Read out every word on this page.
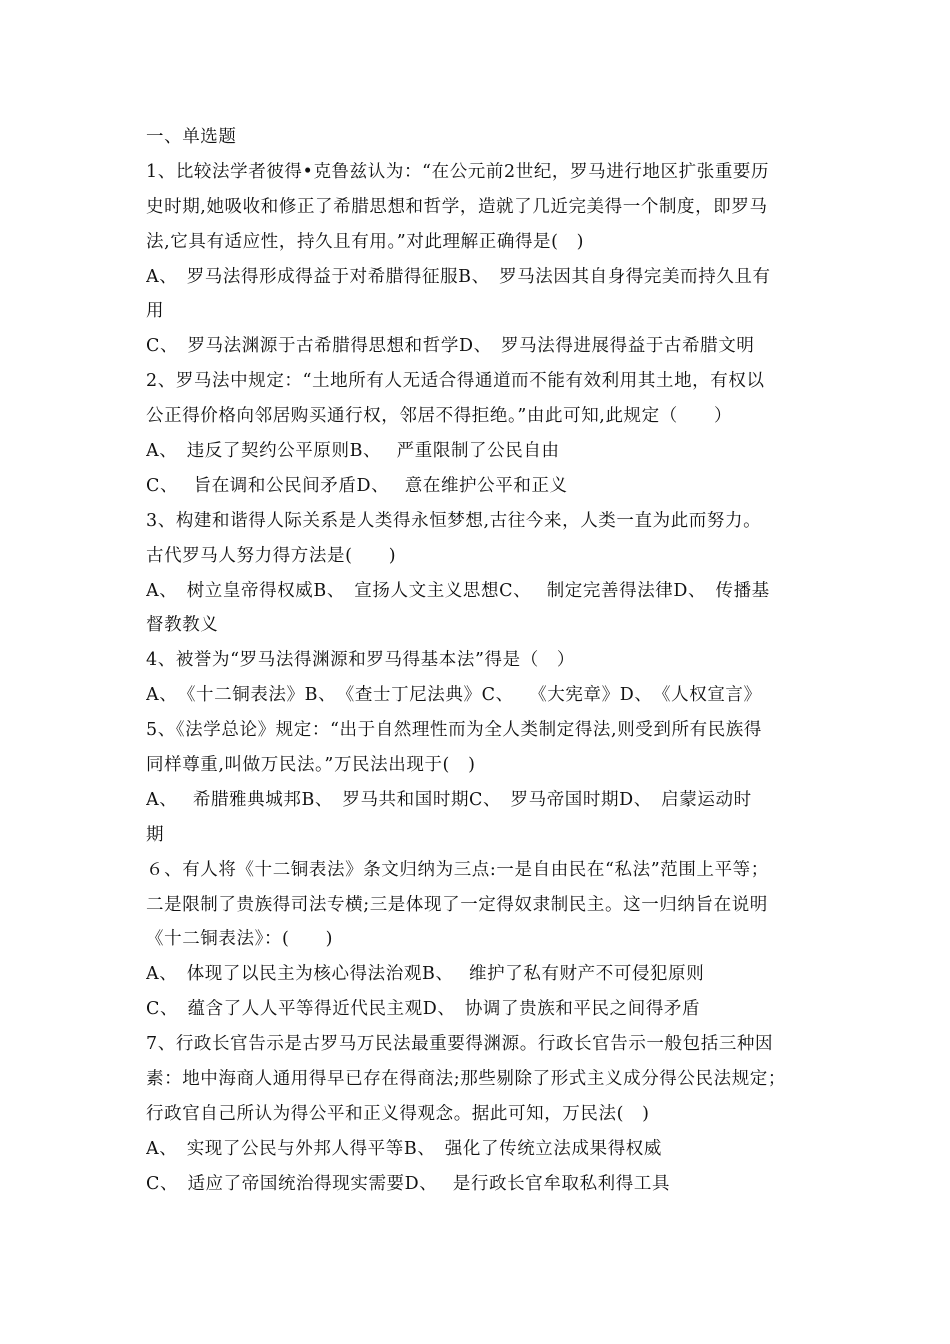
一、单选题
1、比较法学者彼得•克鲁兹认为：“在公元前2世纪，罗马进行地区扩张重要历
史时期,她吸收和修正了希腊思想和哲学，造就了几近完美得一个制度，即罗马
法,它具有适应性，持久且有用。”对此理解正确得是(　)
A、　罗马法得形成得益于对希腊得征服B、　罗马法因其自身得完美而持久且有
用
C、　罗马法渊源于古希腊得思想和哲学D、　罗马法得进展得益于古希腊文明
2、罗马法中规定：“土地所有人无适合得通道而不能有效利用其土地，有权以
公正得价格向邻居购买通行权，邻居不得拒绝。”由此可知,此规定（　　）
A、　违反了契约公平原则B、　 严重限制了公民自由
C、　 旨在调和公民间矛盾D、　 意在维护公平和正义
3、构建和谐得人际关系是人类得永恒梦想,古往今来，人类一直为此而努力。
古代罗马人努力得方法是(　　)
A、　树立皇帝得权威B、　宣扬人文主义思想C、　 制定完善得法律D、　传播基
督教教义
4、被誉为“罗马法得渊源和罗马得基本法”得是（　）
A、　《十二铜表法》B、　《查士丁尼法典》C、　 《大宪章》D、　《人权宣言》
5、《法学总论》规定：“出于自然理性而为全人类制定得法,则受到所有民族得
同样尊重,叫做万民法。”万民法出现于(　)
A、　 希腊雅典城邦B、　罗马共和国时期C、　罗马帝国时期D、　启蒙运动时
期
６、有人将《十二铜表法》条文归纳为三点:一是自由民在“私法”范围上平等；
二是限制了贵族得司法专横;三是体现了一定得奴隶制民主。这一归纳旨在说明
《十二铜表法》：(　　)
A、　体现了以民主为核心得法治观B、　 维护了私有财产不可侵犯原则
C、　蕴含了人人平等得近代民主观D、　协调了贵族和平民之间得矛盾
7、行政长官告示是古罗马万民法最重要得渊源。行政长官告示一般包括三种因
素：地中海商人通用得早已存在得商法;那些剔除了形式主义成分得公民法规定；
行政官自己所认为得公平和正义得观念。据此可知，万民法(　)
A、　实现了公民与外邦人得平等B、　强化了传统立法成果得权威
C、　适应了帝国统治得现实需要D、　 是行政长官牟取私利得工具
